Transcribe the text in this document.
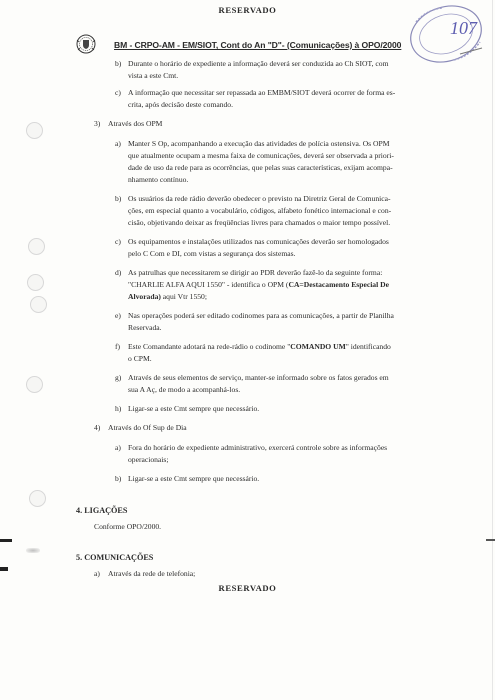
RESERVADO
BM - CRPO-AM - EM/SIOT, Cont do An "D"- (Comunicações) à OPO/2000
107
b) Durante o horário de expediente a informação deverá ser conduzida ao Ch SIOT, com
vista a este Cmt.
c) A informação que necessitar ser repassada ao EMBM/SIOT deverá ocorrer de forma es-
crita, após decisão deste comando.
3) Através dos OPM
a) Manter S Op, acompanhando a execução das atividades de polícia ostensiva. Os OPM
que atualmente ocupam a mesma faixa de comunicações, deverá ser observada a priori-
dade de uso da rede para as ocorrências, que pelas suas características, exijam acompa-
nhamento contínuo.
b) Os usuários da rede rádio deverão obedecer o previsto na Diretriz Geral de Comunica-
ções, em especial quanto a vocabulário, códigos, alfabeto fonético internacional e con-
cisão, objetivando deixar as freqüências livres para chamados o maior tempo possível.
c) Os equipamentos e instalações utilizados nas comunicações deverão ser homologados
pelo C Com e DI, com vistas a segurança dos sistemas.
d) As patrulhas que necessitarem se dirigir ao PDR deverão fazê-lo da seguinte forma:
"CHARLIE ALFA AQUI 1550" - identifica o OPM (CA=Destacamento Especial De
Alvorada) aqui Vtr 1550;
e) Nas operações poderá ser editado codinomes para as comunicações, a partir de Planilha
Reservada.
f) Este Comandante adotará na rede-rádio o codinome "COMANDO UM" identificando
o CPM.
g) Através de seus elementos de serviço, manter-se informado sobre os fatos gerados em
sua A Aç, de modo a acompanhá-los.
h) Ligar-se a este Cmt sempre que necessário.
4) Através do Of Sup de Dia
a) Fora do horário de expediente administrativo, exercerá controle sobre as informações
operacionais;
b) Ligar-se a este Cmt sempre que necessário.
4. LIGAÇÕES
Conforme OPO/2000.
5. COMUNICAÇÕES
a) Através da rede de telefonia;
RESERVADO
